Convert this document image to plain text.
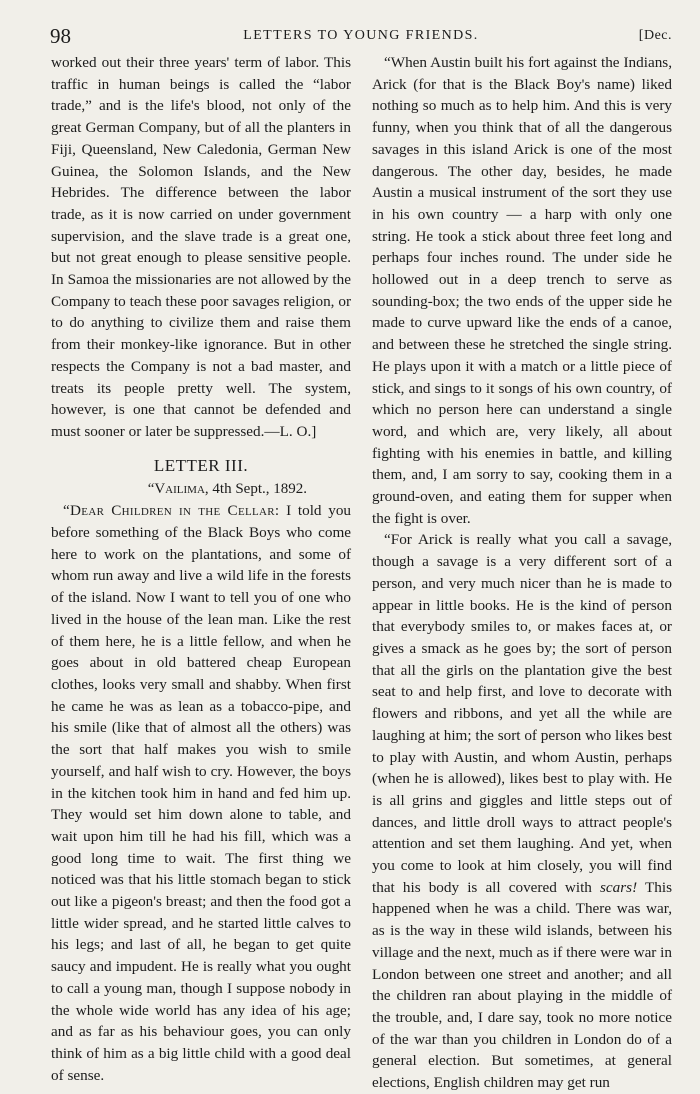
98	LETTERS TO YOUNG FRIENDS.	[Dec.

worked out their three years' term of labor. This traffic in human beings is called the “labor trade,” and is the life's blood, not only of the great German Company, but of all the planters in Fiji, Queensland, New Caledonia, German New Guinea, the Solomon Islands, and the New Hebrides. The difference between the labor trade, as it is now carried on under government supervision, and the slave trade is a great one, but not great enough to please sensitive people. In Samoa the missionaries are not allowed by the Company to teach these poor savages religion, or to do anything to civilize them and raise them from their monkey-like ignorance. But in other respects the Company is not a bad master, and treats its people pretty well. The system, however, is one that cannot be defended and must sooner or later be suppressed.—L. O.]

LETTER III.
“Vailima, 4th Sept., 1892.

“Dear Children in the Cellar: I told you before something of the Black Boys who come here to work on the plantations, and some of whom run away and live a wild life in the forests of the island. Now I want to tell you of one who lived in the house of the lean man. Like the rest of them here, he is a little fellow, and when he goes about in old battered cheap European clothes, looks very small and shabby. When first he came he was as lean as a tobacco-pipe, and his smile (like that of almost all the others) was the sort that half makes you wish to smile yourself, and half wish to cry. However, the boys in the kitchen took him in hand and fed him up. They would set him down alone to table, and wait upon him till he had his fill, which was a good long time to wait. The first thing we noticed was that his little stomach began to stick out like a pigeon's breast; and then the food got a little wider spread, and he started little calves to his legs; and last of all, he began to get quite saucy and impudent. He is really what you ought to call a young man, though I suppose nobody in the whole wide world has any idea of his age; and as far as his behaviour goes, you can only think of him as a big little child with a good deal of sense.

“When Austin built his fort against the Indians, Arick (for that is the Black Boy's name) liked nothing so much as to help him. And this is very funny, when you think that of all the dangerous savages in this island Arick is one of the most dangerous. The other day, besides, he made Austin a musical instrument of the sort they use in his own country — a harp with only one string. He took a stick about three feet long and perhaps four inches round. The under side he hollowed out in a deep trench to serve as sounding-box; the two ends of the upper side he made to curve upward like the ends of a canoe, and between these he stretched the single string. He plays upon it with a match or a little piece of stick, and sings to it songs of his own country, of which no person here can understand a single word, and which are, very likely, all about fighting with his enemies in battle, and killing them, and, I am sorry to say, cooking them in a ground-oven, and eating them for supper when the fight is over.

“For Arick is really what you call a savage, though a savage is a very different sort of a person, and very much nicer than he is made to appear in little books. He is the kind of person that everybody smiles to, or makes faces at, or gives a smack as he goes by; the sort of person that all the girls on the plantation give the best seat to and help first, and love to decorate with flowers and ribbons, and yet all the while are laughing at him; the sort of person who likes best to play with Austin, and whom Austin, perhaps (when he is allowed), likes best to play with. He is all grins and giggles and little steps out of dances, and little droll ways to attract people's attention and set them laughing. And yet, when you come to look at him closely, you will find that his body is all covered with scars! This happened when he was a child. There was war, as is the way in these wild islands, between his village and the next, much as if there were war in London between one street and another; and all the children ran about playing in the middle of the trouble, and, I dare say, took no more notice of the war than you children in London do of a general election. But sometimes, at general elections, English children may get run
